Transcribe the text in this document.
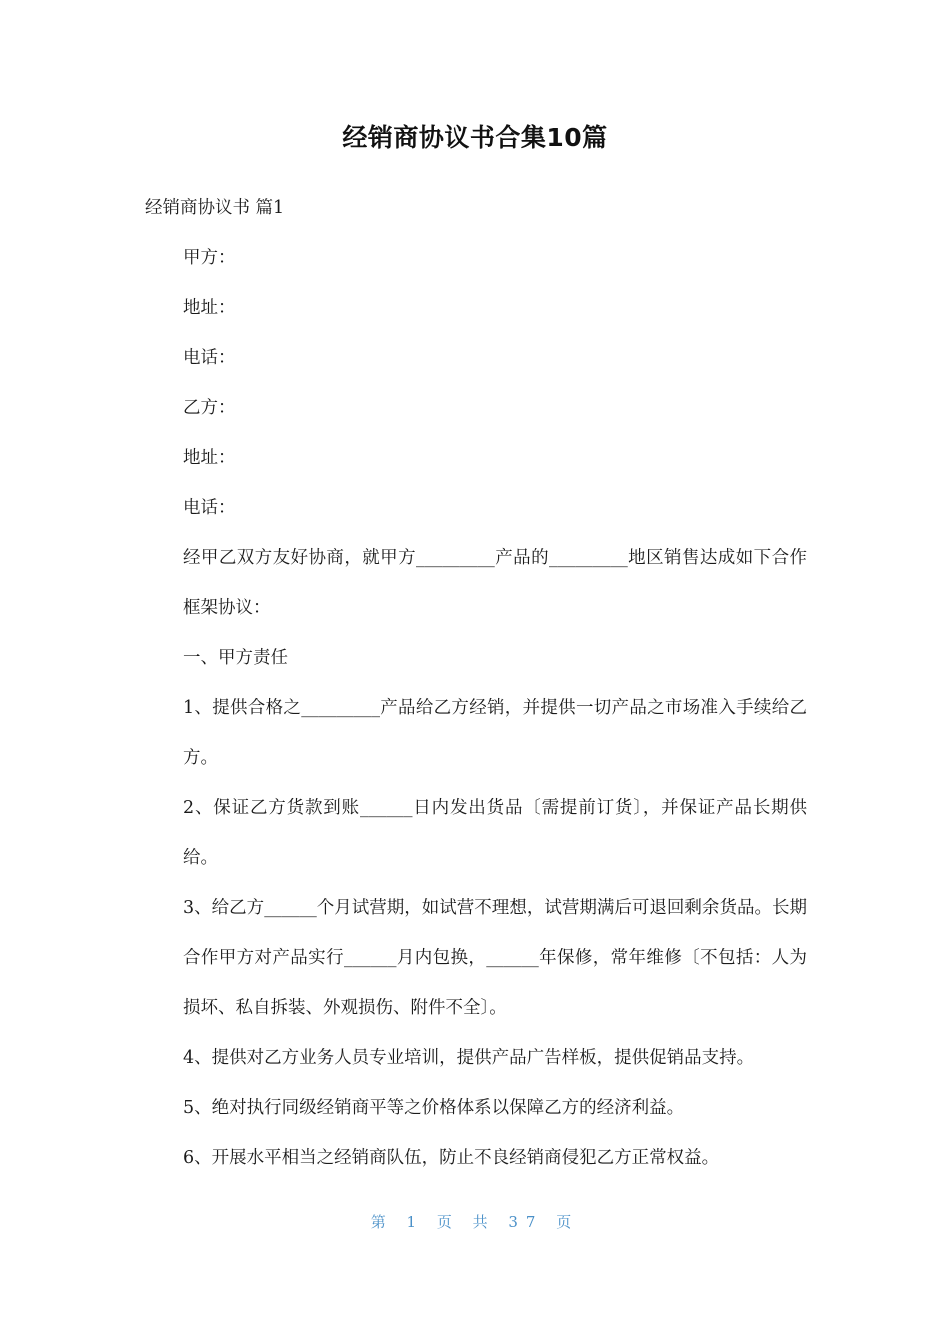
经销商协议书合集10篇

经销商协议书 篇1

甲方：

地址：

电话：

乙方：

地址：

电话：

经甲乙双方友好协商，就甲方_________产品的_________地区销售达成如下合作框架协议：

一、甲方责任

1、提供合格之_________产品给乙方经销，并提供一切产品之市场准入手续给乙方。

2、保证乙方货款到账______日内发出货品〔需提前订货〕，并保证产品长期供给。

3、给乙方______个月试营期，如试营不理想，试营期满后可退回剩余货品。长期合作甲方对产品实行______月内包换，______年保修，常年维修〔不包括：人为损坏、私自拆装、外观损伤、附件不全〕。

4、提供对乙方业务人员专业培训，提供产品广告样板，提供促销品支持。

5、绝对执行同级经销商平等之价格体系以保障乙方的经济利益。

6、开展水平相当之经销商队伍，防止不良经销商侵犯乙方正常权益。

第 1 页 共 37 页
